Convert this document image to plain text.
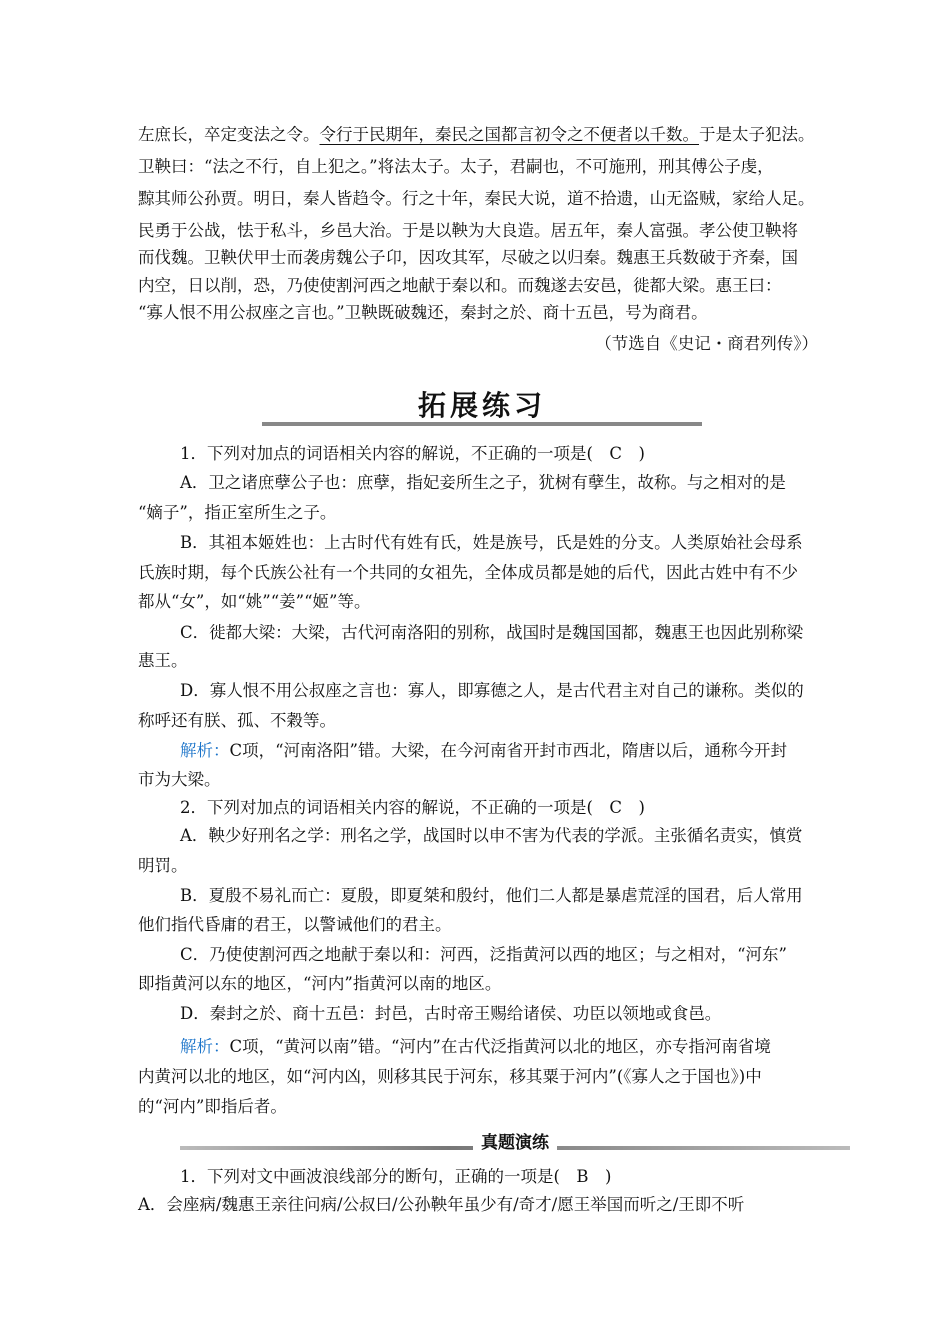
左庶长，卒定变法之令。令行于民期年，秦民之国都言初令之不便者以千数。于是太子犯法。
卫鞅曰：“法之不行，自上犯之。”将法太子。太子，君嗣也，不可施刑，刑其傅公子虔，
黥其师公孙贾。明日，秦人皆趋令。行之十年，秦民大说，道不拾遗，山无盗贼，家给人足。
民勇于公战，怯于私斗，乡邑大治。于是以鞅为大良造。居五年，秦人富强。孝公使卫鞅将
而伐魏。卫鞅伏甲士而袭虏魏公子卬，因攻其军，尽破之以归秦。魏惠王兵数破于齐秦，国
内空，日以削，恐，乃使使割河西之地献于秦以和。而魏遂去安邑，徙都大梁。惠王曰：
“寡人恨不用公叔座之言也。”卫鞅既破魏还，秦封之於、商十五邑，号为商君。
（节选自《史记・商君列传》）
拓展练习
1．下列对加点的词语相关内容的解说，不正确的一项是(　C　)
A．卫之诸庶孽公子也：庶孽，指妃妾所生之子，犹树有孽生，故称。与之相对的是
“嫡子”，指正室所生之子。
B．其祖本姬姓也：上古时代有姓有氏，姓是族号，氏是姓的分支。人类原始社会母系
氏族时期，每个氏族公社有一个共同的女祖先，全体成员都是她的后代，因此古姓中有不少
都从“女”，如“姚”“姜”“姬”等。
C．徙都大梁：大梁，古代河南洛阳的别称，战国时是魏国国都，魏惠王也因此别称梁
惠王。
D．寡人恨不用公叔座之言也：寡人，即寡德之人，是古代君主对自己的谦称。类似的
称呼还有朕、孤、不穀等。
解析：C项，“河南洛阳”错。大梁，在今河南省开封市西北，隋唐以后，通称今开封
市为大梁。
2．下列对加点的词语相关内容的解说，不正确的一项是(　C　)
A．鞅少好刑名之学：刑名之学，战国时以申不害为代表的学派。主张循名责实，慎赏
明罚。
B．夏殷不易礼而亡：夏殷，即夏桀和殷纣，他们二人都是暴虐荒淫的国君，后人常用
他们指代昏庸的君王，以警诫他们的君主。
C．乃使使割河西之地献于秦以和：河西，泛指黄河以西的地区；与之相对，“河东”
即指黄河以东的地区，“河内”指黄河以南的地区。
D．秦封之於、商十五邑：封邑，古时帝王赐给诸侯、功臣以领地或食邑。
解析：C项，“黄河以南”错。“河内”在古代泛指黄河以北的地区，亦专指河南省境
内黄河以北的地区，如“河内凶，则移其民于河东，移其粟于河内”(《寡人之于国也》)中
的“河内”即指后者。
真题演练
1．下列对文中画波浪线部分的断句，正确的一项是(　B　)
A．会座病/魏惠王亲往问病/公叔曰/公孙鞅年虽少有/奇才/愿王举国而听之/王即不听
